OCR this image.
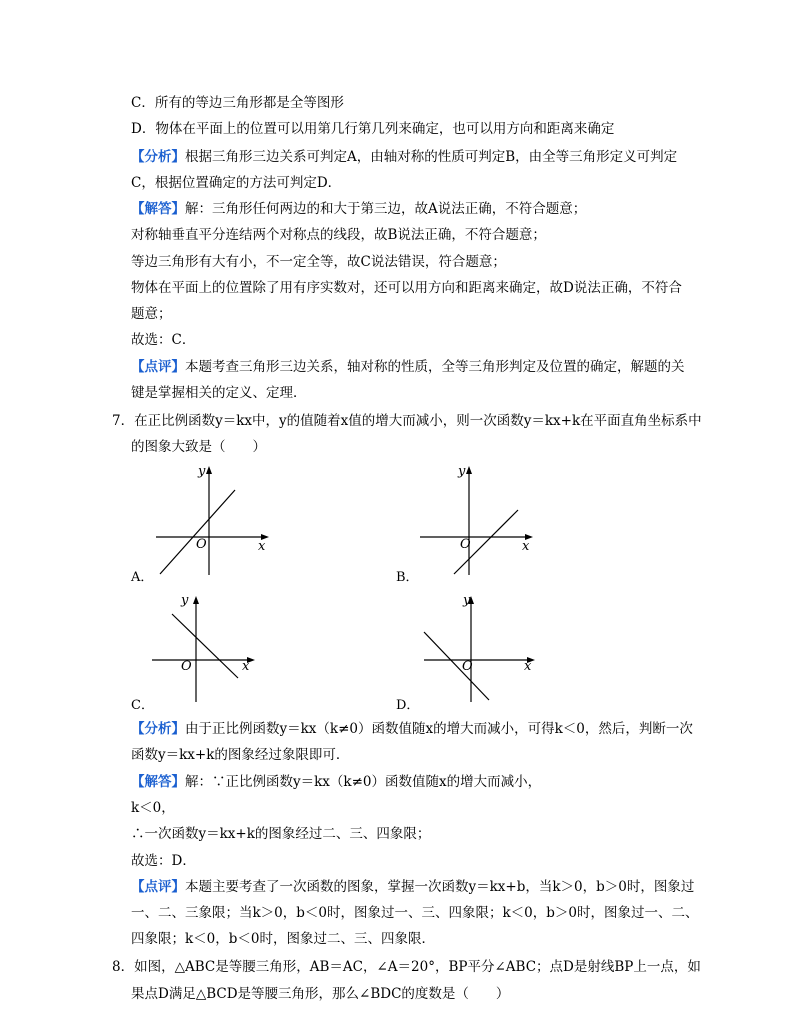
C．所有的等边三角形都是全等图形
D．物体在平面上的位置可以用第几行第几列来确定，也可以用方向和距离来确定
【分析】根据三角形三边关系可判定A，由轴对称的性质可判定B，由全等三角形定义可判定
C，根据位置确定的方法可判定D．
【解答】解：三角形任何两边的和大于第三边，故A说法正确，不符合题意；
对称轴垂直平分连结两个对称点的线段，故B说法正确，不符合题意；
等边三角形有大有小，不一定全等，故C说法错误，符合题意；
物体在平面上的位置除了用有序实数对，还可以用方向和距离来确定，故D说法正确，不符合
题意；
故选：C．
【点评】本题考查三角形三边关系，轴对称的性质，全等三角形判定及位置的确定，解题的关
键是掌握相关的定义、定理．
7．在正比例函数y＝kx中，y的值随着x值的增大而减小，则一次函数y＝kx+k在平面直角坐标系中
的图象大致是（　　）
y
x
O
A．
y
x
O
B．
y
x
O
C．
y
x
O
D．
【分析】由于正比例函数y＝kx（k≠0）函数值随x的增大而减小，可得k＜0，然后，判断一次
函数y＝kx+k的图象经过象限即可．
【解答】解：∵正比例函数y＝kx（k≠0）函数值随x的增大而减小，
k＜0，
∴一次函数y＝kx+k的图象经过二、三、四象限；
故选：D．
【点评】本题主要考查了一次函数的图象，掌握一次函数y＝kx+b，当k＞0，b＞0时，图象过
一、二、三象限；当k＞0，b＜0时，图象过一、三、四象限；k＜0，b＞0时，图象过一、二、
四象限；k＜0，b＜0时，图象过二、三、四象限．
8．如图，△ABC是等腰三角形，AB＝AC，∠A＝20°，BP平分∠ABC；点D是射线BP上一点，如
果点D满足△BCD是等腰三角形，那么∠BDC的度数是（　　）
